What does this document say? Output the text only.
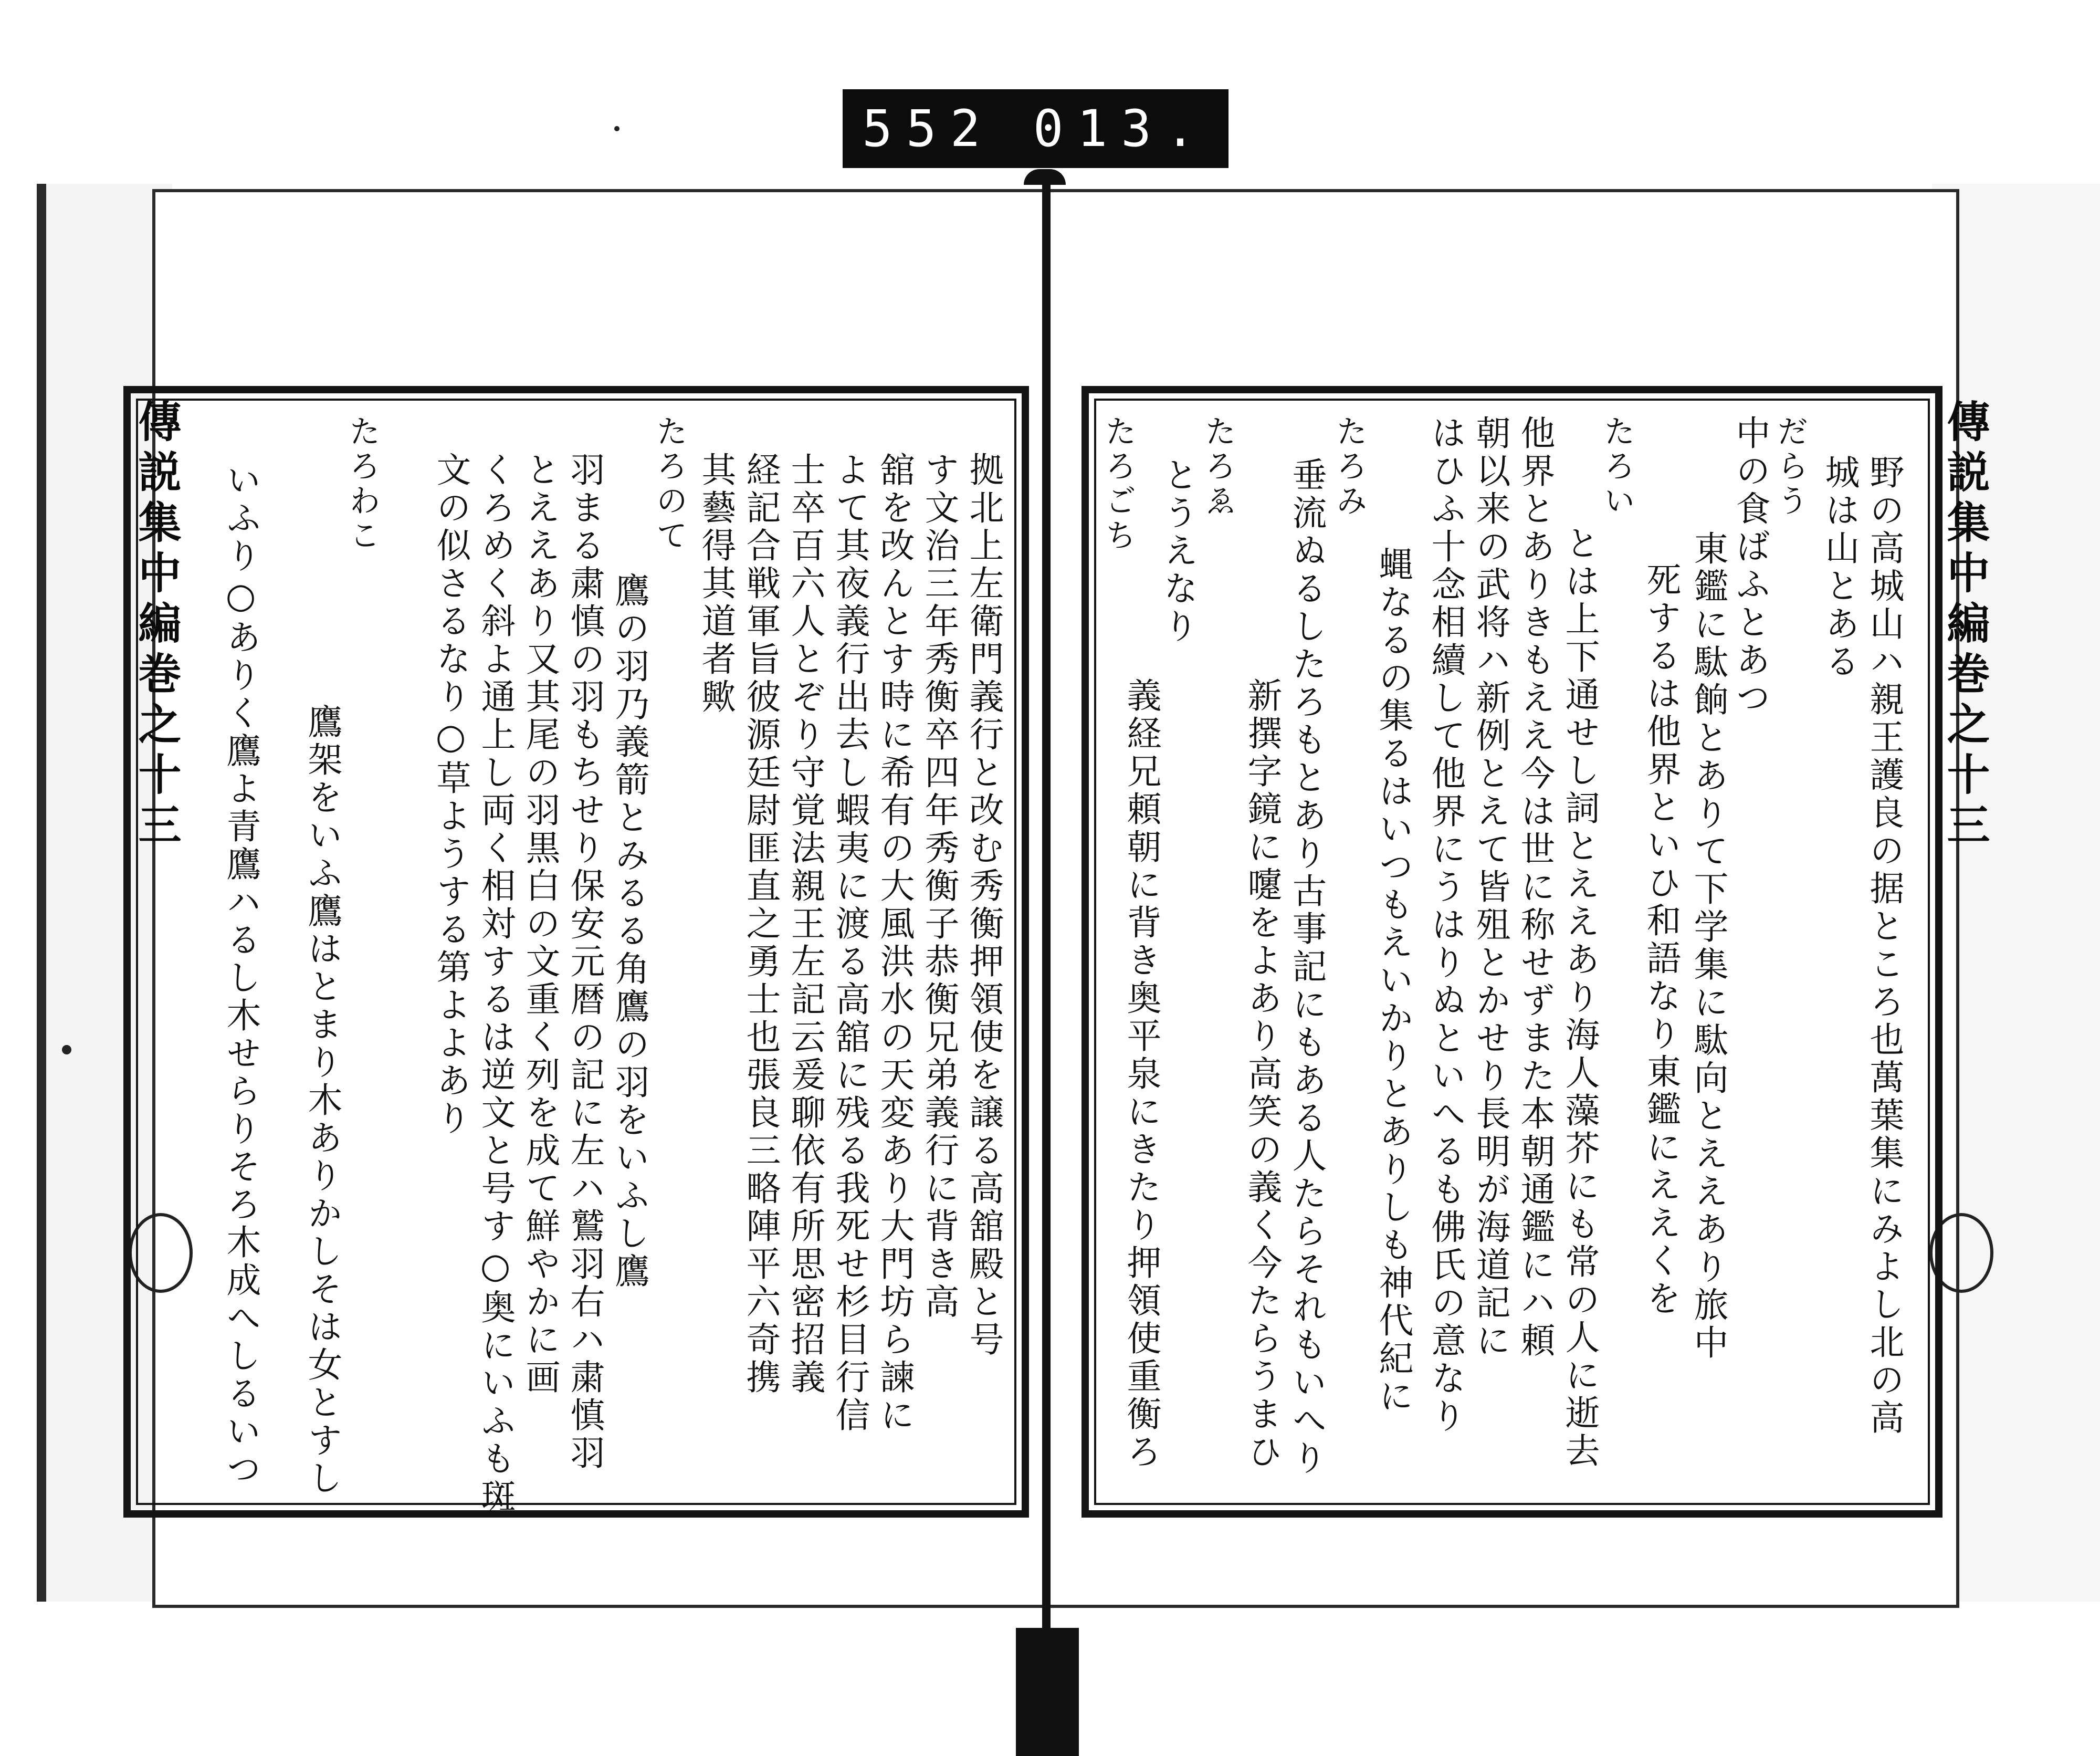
552 013.
傳説集中編巻之十三
傳説集中編巻之十三	野の高城山ハ親王護良の据ところ也萬葉集にみよし北の高
城は山とある
だらう
中の食ばふとあつ
東鑑に駄餉とありて下学集に駄向とええあり旅中
死するは他界といひ和語なり東鑑にええくを
たろい
とは上下通せし詞とええあり海人藻芥にも常の人に逝去
他界とありきもええ今は世に称せずまた本朝通鑑にハ頼
朝以来の武将ハ新例とえて皆殂とかせり長明が海道記に
はひふ十念相續して他界にうはりぬといへるも佛氏の意なり
たろみ
蝿なるの集るはいつもえいかりとありしも神代紀に
垂流ぬるしたろもとあり古事記にもある人たらそれもいへり
新撰字鏡に嚔をよあり高笑の義く今たらうまひ
たろゑ
とうえなり
義経兄頼朝に背き奥平泉にきたり押領使重衡ろ
たろごち
拠北上左衛門義行と改む秀衡押領使を譲る高舘殿と号
す文治三年秀衡卒四年秀衡子恭衡兄弟義行に背き高
舘を改んとす時に希有の大風洪水の天変あり大門坊ら諫に
よて其夜義行出去し蝦夷に渡る高舘に残る我死せ杉目行信
士卒百六人とぞり守覚法親王左記云爰聊依有所思密招義
経記合戦軍旨彼源廷尉匪直之勇士也張良三略陣平六奇携
其藝得其道者歟
たろのて
鷹の羽乃義箭とみるる角鷹の羽をいふし鷹
羽まる粛慎の羽もちせり保安元暦の記に左ハ鷲羽右ハ粛慎羽
とええあり又其尾の羽黒白の文重く列を成て鮮やかに画
くろめく斜よ通上し両く相対するは逆文と号す○奥にいふも斑
文の似さるなり○草ようする第よよあり
たろわこ
鷹架をいふ鷹はとまり木ありかしそは女とすし
いふり○ありく鷹よ青鷹ハるし木せらりそろ木成へしるいつ
